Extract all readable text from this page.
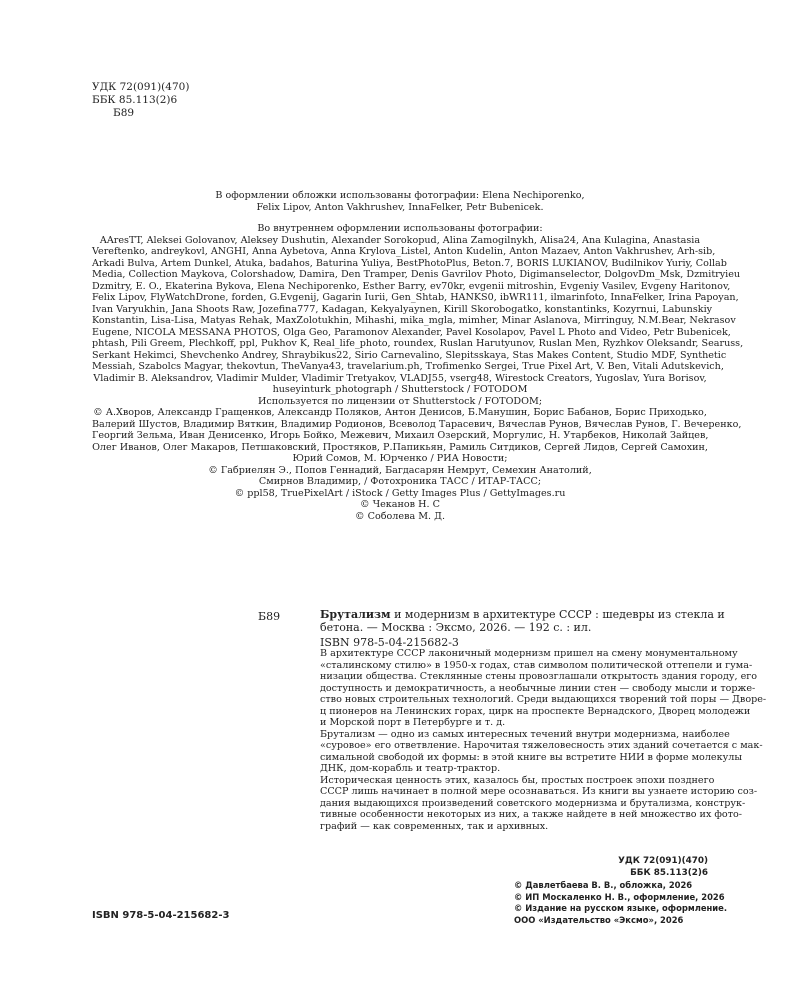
УДК 72(091)(470)
ББК 85.113(2)6
Б89
В оформлении обложки использованы фотографии: Elena Nechiporenko,
Felix Lipov, Anton Vakhrushev, InnaFelker, Petr Bubenicek.
Во внутреннем оформлении использованы фотографии:
AAresTT, Aleksei Golovanov, Aleksey Dushutin, Alexander Sorokopud, Alina Zamogilnykh, Alisa24, Ana Kulagina, Anastasia
Vereftenko, andreykovl, ANGHI, Anna Aybetova, Anna Krylova_Listel, Anton Kudelin, Anton Mazaev, Anton Vakhrushev, Arh-sib,
Arkadi Bulva, Artem Dunkel, Atuka, badahos, Baturina Yuliya, BestPhotoPlus, Beton.7, BORIS LUKIANOV, Budilnikov Yuriy, Collab
Media, Collection Maykova, Colorshadow, Damira, Den Tramper, Denis Gavrilov Photo, Digimanselector, DolgovDm_Msk, Dzmitryieu
Dzmitry, E. O., Ekaterina Bykova, Elena Nechiporenko, Esther Barry, ev70kr, evgenii mitroshin, Evgeniy Vasilev, Evgeny Haritonov,
Felix Lipov, FlyWatchDrone, forden, G.Evgenij, Gagarin Iurii, Gen_Shtab, HANKS0, ibWR111, ilmarinfoto, InnaFelker, Irina Papoyan,
Ivan Varyukhin, Jana Shoots Raw, Jozefina777, Kadagan, Kekyalyaynen, Kirill Skorobogatko, konstantinks, Kozyrnui, Labunskiy
Konstantin, Lisa-Lisa, Matyas Rehak, MaxZolotukhin, Mihashi, mika_mgla, mimher, Minar Aslanova, Mirringuy, N.M.Bear, Nekrasov
Eugene, NICOLA MESSANA PHOTOS, Olga Geo, Paramonov Alexander, Pavel Kosolapov, Pavel L Photo and Video, Petr Bubenicek,
phtash, Pili Greem, Plechkoff, ppl, Pukhov K, Real_life_photo, roundex, Ruslan Harutyunov, Ruslan Men, Ryzhkov Oleksandr, Searuss,
Serkant Hekimci, Shevchenko Andrey, Shraybikus22, Sirio Carnevalino, Slepitsskaya, Stas Makes Content, Studio MDF, Synthetic
Messiah, Szabolcs Magyar, thekovtun, TheVanya43, travelarium.ph, Trofimenko Sergei, True Pixel Art, V. Ben, Vitali Adutskevich,
Vladimir B. Aleksandrov, Vladimir Mulder, Vladimir Tretyakov, VLADJ55, vserg48, Wirestock Creators, Yugoslav, Yura Borisov,
huseyinturk_photograph / Shutterstock / FOTODOM
Используется по лицензии от Shutterstock / FOTODOM;
© А.Хворов, Александр Гращенков, Александр Поляков, Антон Денисов, Б.Манушин, Борис Бабанов, Борис Приходько,
Валерий Шустов, Владимир Вяткин, Владимир Родионов, Всеволод Тарасевич, Вячеслав Рунов, Вячеслав Рунов, Г. Вечеренко,
Георгий Зельма, Иван Денисенко, Игорь Бойко, Межевич, Михаил Озерский, Моргулис, Н. Утарбеков, Николай Зайцев,
Олег Иванов, Олег Макаров, Петшаковский, Простяков, Р.Папикьян, Рамиль Ситдиков, Сергей Лидов, Сергей Самохин,
Юрий Сомов, М. Юрченко / РИА Новости;
© Габриелян Э., Попов Геннадий, Багдасарян Немрут, Семехин Анатолий,
Смирнов Владимир, / Фотохроника ТАСС / ИТАР-ТАСС;
© ppl58, TruePixelArt / iStock / Getty Images Plus / GettyImages.ru
© Чеканов Н. С
© Соболева М. Д.
Б89	Брутализм и модернизм в архитектуре СССР : шедевры из стекла и
бетона. — Москва : Эксмо, 2026. — 192 с. : ил.
ISBN 978-5-04-215682-3
В архитектуре СССР лаконичный модернизм пришел на смену монументальному
«сталинскому стилю» в 1950-х годах, став символом политической оттепели и гума-
низации общества. Стеклянные стены провозглашали открытость здания городу, его
доступность и демократичность, а необычные линии стен — свободу мысли и торже-
ство новых строительных технологий. Среди выдающихся творений той поры — Дворе-
ц пионеров на Ленинских горах, цирк на проспекте Вернадского, Дворец молодежи
и Морской порт в Петербурге и т. д.
Брутализм — одно из самых интересных течений внутри модернизма, наиболее
«суровое» его ответвление. Нарочитая тяжеловесность этих зданий сочетается с мак-
симальной свободой их формы: в этой книге вы встретите НИИ в форме молекулы
ДНК, дом-корабль и театр-трактор.
Историческая ценность этих, казалось бы, простых построек эпохи позднего
СССР лишь начинает в полной мере осознаваться. Из книги вы узнаете историю соз-
дания выдающихся произведений советского модернизма и брутализма, конструк-
тивные особенности некоторых из них, а также найдете в ней множество их фото-
графий — как современных, так и архивных.
УДК 72(091)(470)
ББК 85.113(2)6
© Давлетбаева В. В., обложка, 2026
© ИП Москаленко Н. В., оформление, 2026
© Издание на русском языке, оформление.
ООО «Издательство «Эксмо», 2026
ISBN 978-5-04-215682-3
